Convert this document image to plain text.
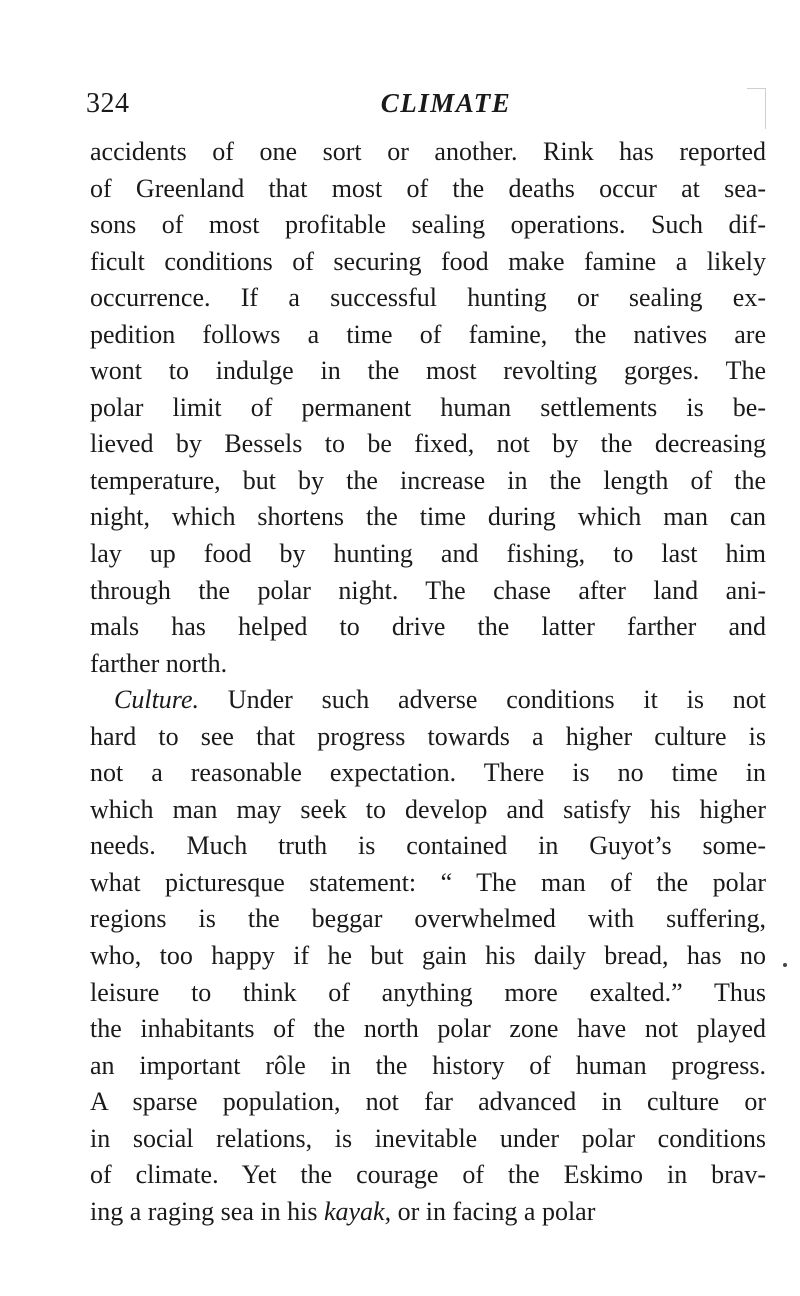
324	CLIMATE
accidents of one sort or another. Rink has reported
of Greenland that most of the deaths occur at sea-
sons of most profitable sealing operations. Such dif-
ficult conditions of securing food make famine a likely
occurrence. If a successful hunting or sealing ex-
pedition follows a time of famine, the natives are
wont to indulge in the most revolting gorges. The
polar limit of permanent human settlements is be-
lieved by Bessels to be fixed, not by the decreasing
temperature, but by the increase in the length of the
night, which shortens the time during which man can
lay up food by hunting and fishing, to last him
through the polar night. The chase after land ani-
mals has helped to drive the latter farther and
farther north.
Culture. Under such adverse conditions it is not
hard to see that progress towards a higher culture is
not a reasonable expectation. There is no time in
which man may seek to develop and satisfy his higher
needs. Much truth is contained in Guyot’s some-
what picturesque statement: “ The man of the polar
regions is the beggar overwhelmed with suffering,
who, too happy if he but gain his daily bread, has no
leisure to think of anything more exalted.” Thus
the inhabitants of the north polar zone have not played
an important rôle in the history of human progress.
A sparse population, not far advanced in culture or
in social relations, is inevitable under polar conditions
of climate. Yet the courage of the Eskimo in brav-
ing a raging sea in his kayak, or in facing a polar
